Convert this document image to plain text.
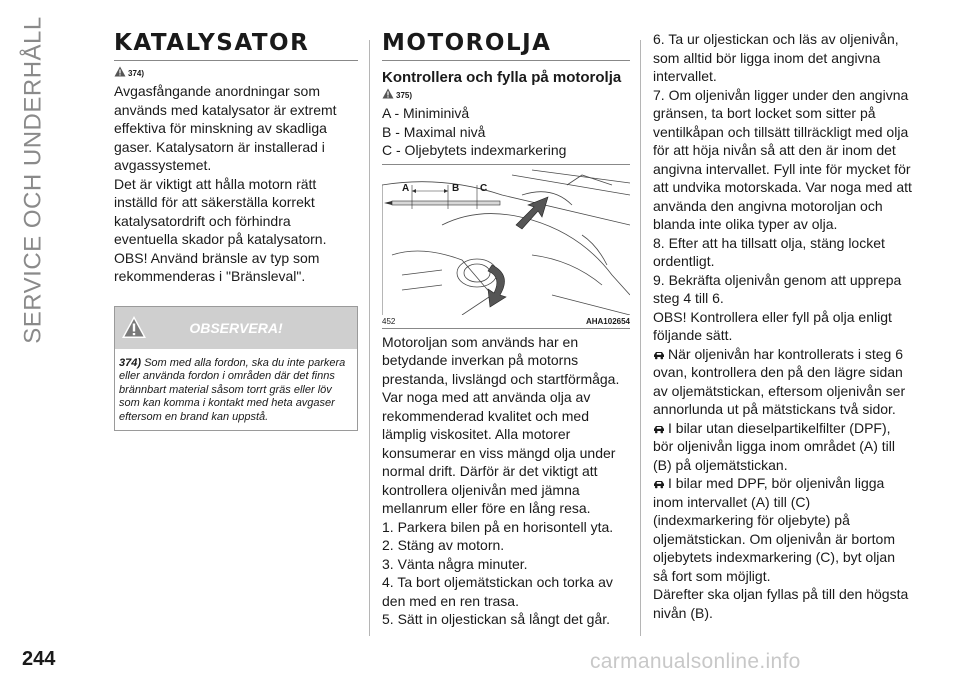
SERVICE OCH UNDERHÅLL	KATALYSATOR
374)

Avgasfångande anordningar som används med katalysator är extremt effektiva för minskning av skadliga gaser. Katalysatorn är installerad i avgassystemet.

Det är viktigt att hålla motorn rätt inställd för att säkerställa korrekt katalysatordrift och förhindra eventuella skador på katalysatorn.

OBS! Använd bränsle av typ som rekommenderas i "Bränsleval".

OBSERVERA!
374) Som med alla fordon, ska du inte parkera eller använda fordon i områden där det finns brännbart material såsom torrt gräs eller löv som kan komma i kontakt med heta avgaser eftersom en brand kan uppstå.
MOTOROLJA
Kontrollera och fylla på motorolja
375)

A - Miniminivå

B - Maximal nivå

C - Oljebytets indexmarkering

A	B C
452	AHA102654

Motoroljan som används har en betydande inverkan på motorns prestanda, livslängd och startförmåga. Var noga med att använda olja av rekommenderad kvalitet och med lämplig viskositet. Alla motorer konsumerar en viss mängd olja under normal drift. Därför är det viktigt att kontrollera oljenivån med jämna mellanrum eller före en lång resa.

1. Parkera bilen på en horisontell yta.

2. Stäng av motorn.

3. Vänta några minuter.

4. Ta bort oljemätstickan och torka av den med en ren trasa.

5. Sätt in oljestickan så långt det går.

6. Ta ur oljestickan och läs av oljenivån, som alltid bör ligga inom det angivna intervallet.

7. Om oljenivån ligger under den angivna gränsen, ta bort locket som sitter på ventilkåpan och tillsätt tillräckligt med olja för att höja nivån så att den är inom det angivna intervallet. Fyll inte för mycket för att undvika motorskada. Var noga med att använda den angivna motoroljan och blanda inte olika typer av olja.

8. Efter att ha tillsatt olja, stäng locket ordentligt.

9. Bekräfta oljenivån genom att upprepa steg 4 till 6.

OBS! Kontrollera eller fyll på olja enligt följande sätt.

När oljenivån har kontrollerats i steg 6 ovan, kontrollera den på den lägre sidan av oljemätstickan, eftersom oljenivån ser annorlunda ut på mätstickans två sidor.

I bilar utan dieselpartikelfilter (DPF), bör oljenivån ligga inom området (A) till (B) på oljemätstickan.

I bilar med DPF, bör oljenivån ligga inom intervallet (A) till (C) (indexmarkering för oljebyte) på oljemätstickan. Om oljenivån är bortom oljebytets indexmarkering (C), byt oljan så fort som möjligt.

Därefter ska oljan fyllas på till den högsta nivån (B).

244	carmanualsonline.info
